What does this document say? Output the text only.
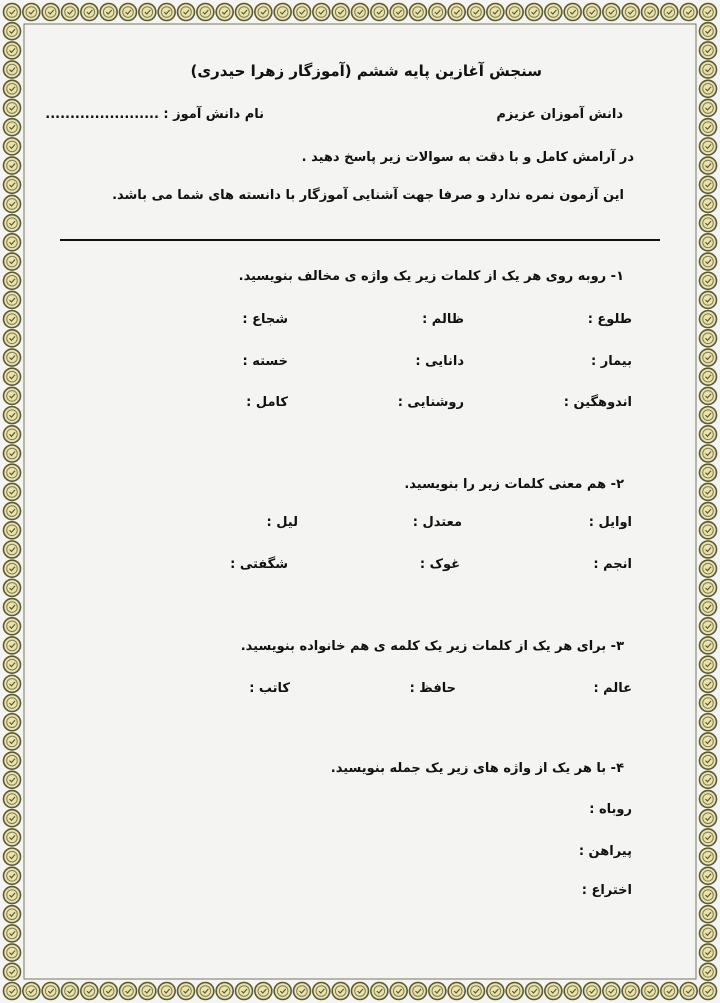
سنجش آغازین پایه ششم (آموزگار زهرا حیدری)
دانش آموزان عزیزم
نام دانش آموز : .......................
در آرامش کامل و با دقت به سوالات زیر پاسخ دهید .
این آزمون نمره ندارد و صرفا جهت آشنایی آموزگار با دانسته های شما می باشد.
۱- روبه روی هر یک از کلمات زیر یک واژه ی مخالف بنویسید.
طلوع :
ظالم :
شجاع :
بیمار :
دانایی :
خسته :
اندوهگین :
روشنایی :
کامل :
۲- هم معنی کلمات زیر را بنویسید.
اوایل :
معتدل :
لیل :
انجم :
غوک :
شگفتی :
۳- برای هر یک از کلمات زیر یک کلمه ی هم خانواده بنویسید.
عالم :
حافظ :
کاتب :
۴- با هر یک از واژه های زیر یک جمله بنویسید.
روباه :
پیراهن :
اختراع :
